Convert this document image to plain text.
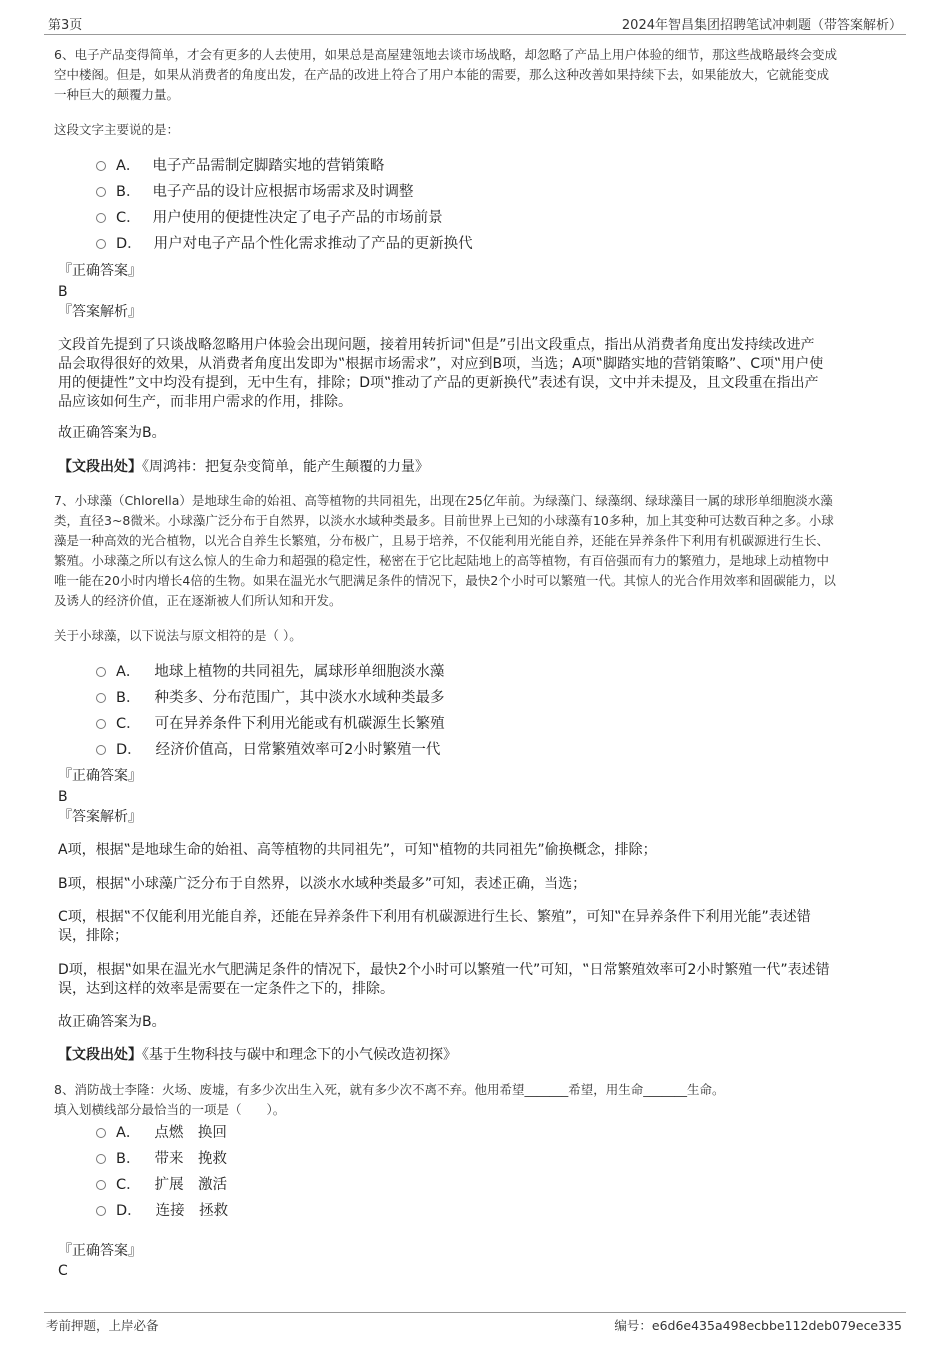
第3页	2024年智昌集团招聘笔试冲刺题（带答案解析）
6、电子产品变得简单，才会有更多的人去使用，如果总是高屋建瓴地去谈市场战略，却忽略了产品上用户体验的细节，那这些战略最终会变成
空中楼阁。但是，如果从消费者的角度出发，在产品的改进上符合了用户本能的需要，那么这种改善如果持续下去，如果能放大，它就能变成
一种巨大的颠覆力量。
这段文字主要说的是：
A． 电子产品需制定脚踏实地的营销策略
B． 电子产品的设计应根据市场需求及时调整
C． 用户使用的便捷性决定了电子产品的市场前景
D． 用户对电子产品个性化需求推动了产品的更新换代
『正确答案』
B
『答案解析』
文段首先提到了只谈战略忽略用户体验会出现问题，接着用转折词‟但是”引出文段重点，指出从消费者角度出发持续改进产
品会取得很好的效果，从消费者角度出发即为‟根据市场需求”，对应到B项，当选；A项‟脚踏实地的营销策略”、C项‟用户使
用的便捷性”文中均没有提到，无中生有，排除；D项‟推动了产品的更新换代”表述有误，文中并未提及，且文段重在指出产
品应该如何生产，而非用户需求的作用，排除。
故正确答案为B。
【文段出处】《周鸿祎：把复杂变简单，能产生颠覆的力量》
7、小球藻（Chlorella）是地球生命的始祖、高等植物的共同祖先，出现在25亿年前。为绿藻门、绿藻纲、绿球藻目一属的球形单细胞淡水藻
类，直径3~8微米。小球藻广泛分布于自然界，以淡水水域种类最多。目前世界上已知的小球藻有10多种，加上其变种可达数百种之多。小球
藻是一种高效的光合植物，以光合自养生长繁殖，分布极广，且易于培养，不仅能利用光能自养，还能在异养条件下利用有机碳源进行生长、
繁殖。小球藻之所以有这么惊人的生命力和超强的稳定性，秘密在于它比起陆地上的高等植物，有百倍强而有力的繁殖力，是地球上动植物中
唯一能在20小时内增长4倍的生物。如果在温光水气肥满足条件的情况下，最快2个小时可以繁殖一代。其惊人的光合作用效率和固碳能力，以
及诱人的经济价值，正在逐渐被人们所认知和开发。
关于小球藻，以下说法与原文相符的是（ ）。
A． 地球上植物的共同祖先，属球形单细胞淡水藻
B． 种类多、分布范围广，其中淡水水域种类最多
C． 可在异养条件下利用光能或有机碳源生长繁殖
D． 经济价值高，日常繁殖效率可2小时繁殖一代
『正确答案』
B
『答案解析』
A项，根据‟是地球生命的始祖、高等植物的共同祖先”，可知‟植物的共同祖先”偷换概念，排除；
B项，根据‟小球藻广泛分布于自然界，以淡水水域种类最多”可知，表述正确，当选；
C项，根据‟不仅能利用光能自养，还能在异养条件下利用有机碳源进行生长、繁殖”，可知‟在异养条件下利用光能”表述错
误，排除；
D项，根据‟如果在温光水气肥满足条件的情况下，最快2个小时可以繁殖一代”可知，‟日常繁殖效率可2小时繁殖一代”表述错
误，达到这样的效率是需要在一定条件之下的，排除。
故正确答案为B。
【文段出处】《基于生物科技与碳中和理念下的小气候改造初探》
8、消防战士李隆：火场、废墟，有多少次出生入死，就有多少次不离不弃。他用希望_______希望，用生命_______生命。
填入划横线部分最恰当的一项是（　　）。
A． 点燃　换回
B． 带来　挽救
C． 扩展　激活
D． 连接　拯救
『正确答案』
C
考前押题，上岸必备	编号：e6d6e435a498ecbbe112deb079ece335
